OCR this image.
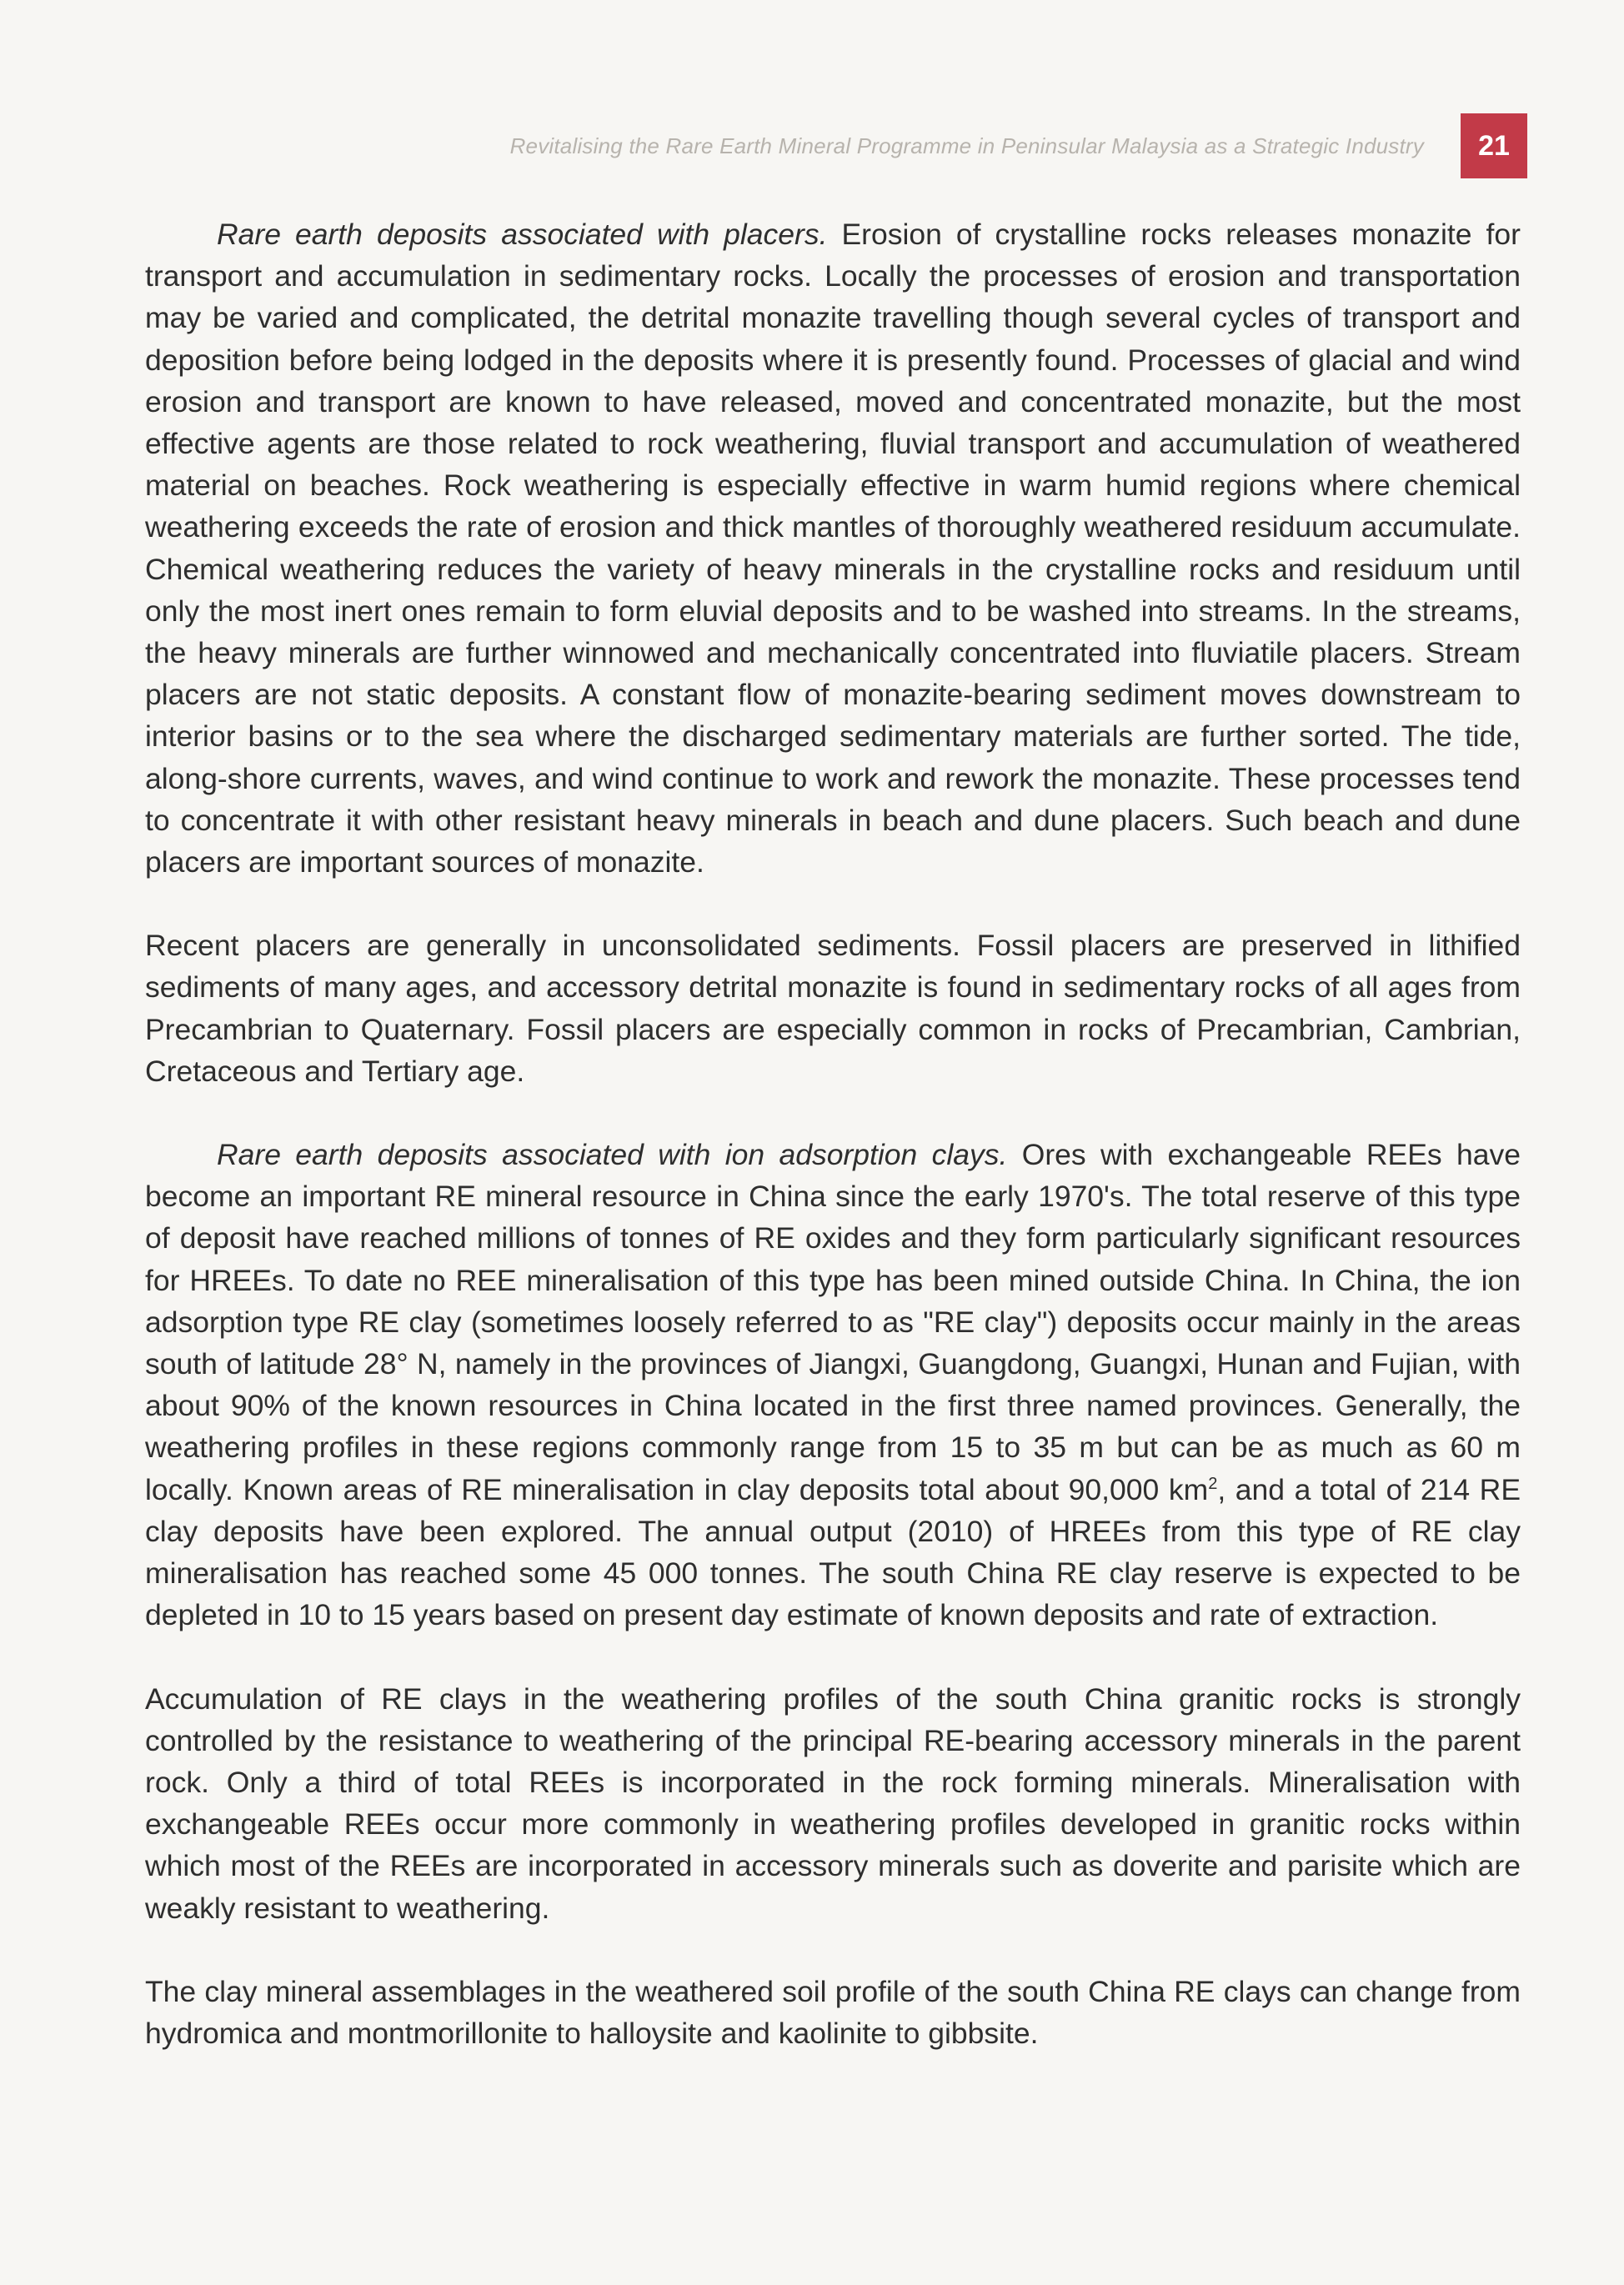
Revitalising the Rare Earth Mineral Programme in Peninsular Malaysia as a Strategic Industry	21

Rare earth deposits associated with placers. Erosion of crystalline rocks releases monazite for transport and accumulation in sedimentary rocks. Locally the processes of erosion and transportation may be varied and complicated, the detrital monazite travelling though several cycles of transport and deposition before being lodged in the deposits where it is presently found. Processes of glacial and wind erosion and transport are known to have released, moved and concentrated monazite, but the most effective agents are those related to rock weathering, fluvial transport and accumulation of weathered material on beaches. Rock weathering is especially effective in warm humid regions where chemical weathering exceeds the rate of erosion and thick mantles of thoroughly weathered residuum accumulate. Chemical weathering reduces the variety of heavy minerals in the crystalline rocks and residuum until only the most inert ones remain to form eluvial deposits and to be washed into streams. In the streams, the heavy minerals are further winnowed and mechanically concentrated into fluviatile placers. Stream placers are not static deposits. A constant flow of monazite-bearing sediment moves downstream to interior basins or to the sea where the discharged sedimentary materials are further sorted. The tide, along-shore currents, waves, and wind continue to work and rework the monazite. These processes tend to concentrate it with other resistant heavy minerals in beach and dune placers. Such beach and dune placers are important sources of monazite.

Recent placers are generally in unconsolidated sediments. Fossil placers are preserved in lithified sediments of many ages, and accessory detrital monazite is found in sedimentary rocks of all ages from Precambrian to Quaternary. Fossil placers are especially common in rocks of Precambrian, Cambrian, Cretaceous and Tertiary age.

Rare earth deposits associated with ion adsorption clays. Ores with exchangeable REEs have become an important RE mineral resource in China since the early 1970's. The total reserve of this type of deposit have reached millions of tonnes of RE oxides and they form particularly significant resources for HREEs. To date no REE mineralisation of this type has been mined outside China. In China, the ion adsorption type RE clay (sometimes loosely referred to as "RE clay") deposits occur mainly in the areas south of latitude 28° N, namely in the provinces of Jiangxi, Guangdong, Guangxi, Hunan and Fujian, with about 90% of the known resources in China located in the first three named provinces. Generally, the weathering profiles in these regions commonly range from 15 to 35 m but can be as much as 60 m locally. Known areas of RE mineralisation in clay deposits total about 90,000 $km^2$, and a total of 214 RE clay deposits have been explored. The annual output (2010) of HREEs from this type of RE clay mineralisation has reached some 45 000 tonnes. The south China RE clay reserve is expected to be depleted in 10 to 15 years based on present day estimate of known deposits and rate of extraction.

Accumulation of RE clays in the weathering profiles of the south China granitic rocks is strongly controlled by the resistance to weathering of the principal RE-bearing accessory minerals in the parent rock. Only a third of total REEs is incorporated in the rock forming minerals. Mineralisation with exchangeable REEs occur more commonly in weathering profiles developed in granitic rocks within which most of the REEs are incorporated in accessory minerals such as doverite and parisite which are weakly resistant to weathering.

The clay mineral assemblages in the weathered soil profile of the south China RE clays can change from hydromica and montmorillonite to halloysite and kaolinite to gibbsite.
